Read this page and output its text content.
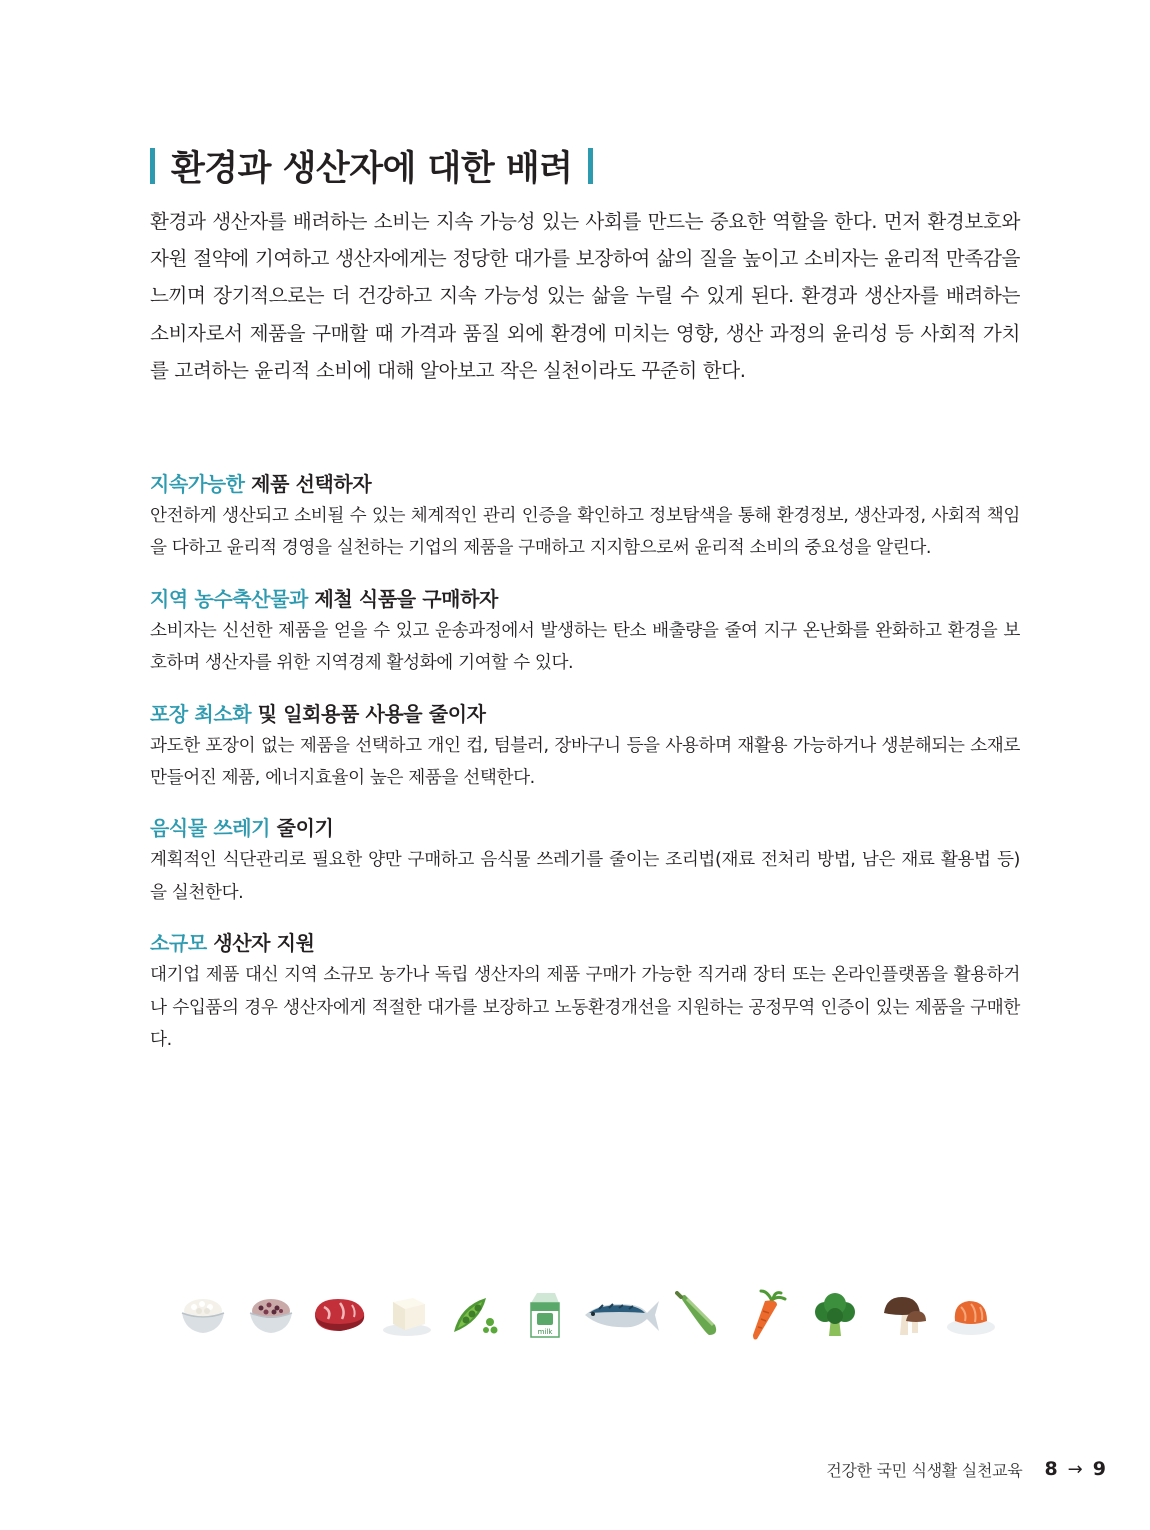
환경과 생산자에 대한 배려

환경과 생산자를 배려하는 소비는 지속 가능성 있는 사회를 만드는 중요한 역할을 한다. 먼저 환경보호와 자원 절약에 기여하고 생산자에게는 정당한 대가를 보장하여 삶의 질을 높이고 소비자는 윤리적 만족감을 느끼며 장기적으로는 더 건강하고 지속 가능성 있는 삶을 누릴 수 있게 된다. 환경과 생산자를 배려하는 소비자로서 제품을 구매할 때 가격과 품질 외에 환경에 미치는 영향, 생산 과정의 윤리성 등 사회적 가치를 고려하는 윤리적 소비에 대해 알아보고 작은 실천이라도 꾸준히 한다.

지속가능한 제품 선택하자

안전하게 생산되고 소비될 수 있는 체계적인 관리 인증을 확인하고 정보탐색을 통해 환경정보, 생산과정, 사회적 책임을 다하고 윤리적 경영을 실천하는 기업의 제품을 구매하고 지지함으로써 윤리적 소비의 중요성을 알린다.

지역 농수축산물과 제철 식품을 구매하자

소비자는 신선한 제품을 얻을 수 있고 운송과정에서 발생하는 탄소 배출량을 줄여 지구 온난화를 완화하고 환경을 보호하며 생산자를 위한 지역경제 활성화에 기여할 수 있다.

포장 최소화 및 일회용품 사용을 줄이자

과도한 포장이 없는 제품을 선택하고 개인 컵, 텀블러, 장바구니 등을 사용하며 재활용 가능하거나 생분해되는 소재로 만들어진 제품, 에너지효율이 높은 제품을 선택한다.

음식물 쓰레기 줄이기

계획적인 식단관리로 필요한 양만 구매하고 음식물 쓰레기를 줄이는 조리법(재료 전처리 방법, 남은 재료 활용법 등)을 실천한다.

소규모 생산자 지원

대기업 제품 대신 지역 소규모 농가나 독립 생산자의 제품 구매가 가능한 직거래 장터 또는 온라인플랫폼을 활용하거나 수입품의 경우 생산자에게 적절한 대가를 보장하고 노동환경개선을 지원하는 공정무역 인증이 있는 제품을 구매한다.

milk
건강한 국민 식생활 실천교육 8 → 9
